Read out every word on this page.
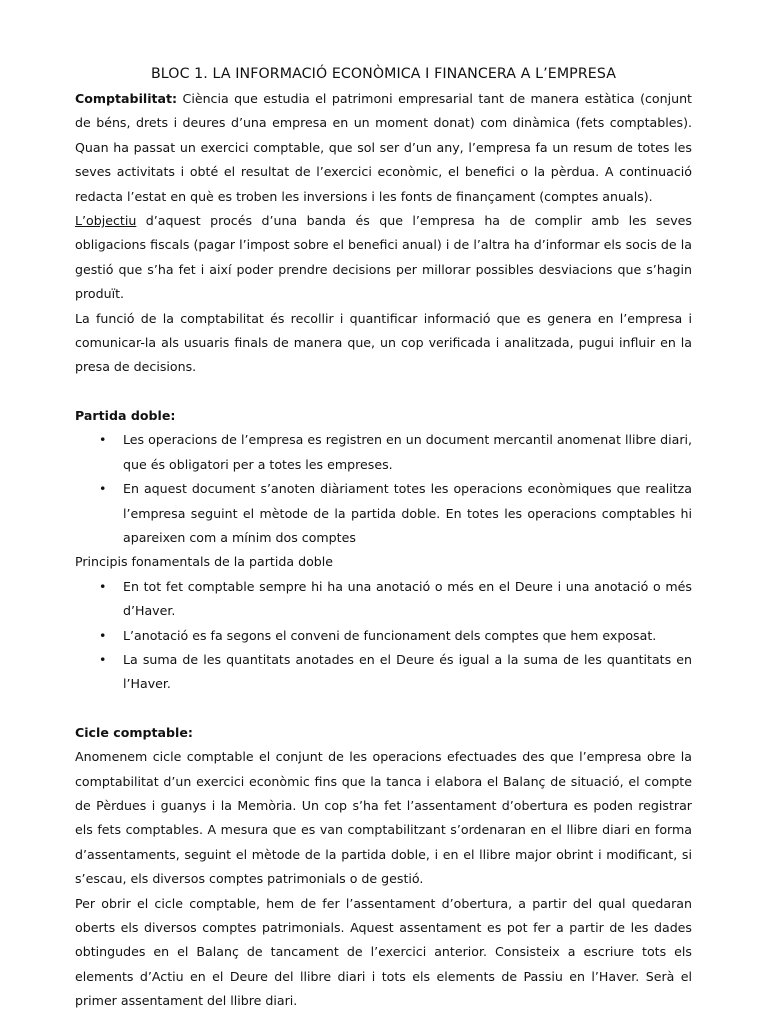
BLOC 1. LA INFORMACIÓ ECONÒMICA I FINANCERA A L’EMPRESA

Comptabilitat: Ciència que estudia el patrimoni empresarial tant de manera estàtica (conjunt de béns, drets i deures d’una empresa en un moment donat) com dinàmica (fets comptables). Quan ha passat un exercici comptable, que sol ser d’un any, l’empresa fa un resum de totes les seves activitats i obté el resultat de l’exercici econòmic, el benefici o la pèrdua. A continuació redacta l’estat en què es troben les inversions i les fonts de finançament (comptes anuals).

L’objectiu d’aquest procés d’una banda és que l’empresa ha de complir amb les seves obligacions fiscals (pagar l’impost sobre el benefici anual) i de l’altra ha d’informar els socis de la gestió que s’ha fet i així poder prendre decisions per millorar possibles desviacions que s’hagin produït.

La funció de la comptabilitat és recollir i quantificar informació que es genera en l’empresa i comunicar-la als usuaris finals de manera que, un cop verificada i analitzada, pugui influir en la presa de decisions.

Partida doble:
• Les operacions de l’empresa es registren en un document mercantil anomenat llibre diari, que és obligatori per a totes les empreses.
• En aquest document s’anoten diàriament totes les operacions econòmiques que realitza l’empresa seguint el mètode de la partida doble. En totes les operacions comptables hi apareixen com a mínim dos comptes

Principis fonamentals de la partida doble

• En tot fet comptable sempre hi ha una anotació o més en el Deure i una anotació o més d’Haver.
• L’anotació es fa segons el conveni de funcionament dels comptes que hem exposat.
• La suma de les quantitats anotades en el Deure és igual a la suma de les quantitats en l’Haver.
Cicle comptable:

Anomenem cicle comptable el conjunt de les operacions efectuades des que l’empresa obre la comptabilitat d’un exercici econòmic fins que la tanca i elabora el Balanç de situació, el compte de Pèrdues i guanys i la Memòria. Un cop s’ha fet l’assentament d’obertura es poden registrar els fets comptables. A mesura que es van comptabilitzant s’ordenaran en el llibre diari en forma d’assentaments, seguint el mètode de la partida doble, i en el llibre major obrint i modificant, si s’escau, els diversos comptes patrimonials o de gestió.

Per obrir el cicle comptable, hem de fer l’assentament d’obertura, a partir del qual quedaran oberts els diversos comptes patrimonials. Aquest assentament es pot fer a partir de les dades obtingudes en el Balanç de tancament de l’exercici anterior. Consisteix a escriure tots els elements d’Actiu en el Deure del llibre diari i tots els elements de Passiu en l’Haver. Serà el primer assentament del llibre diari.
